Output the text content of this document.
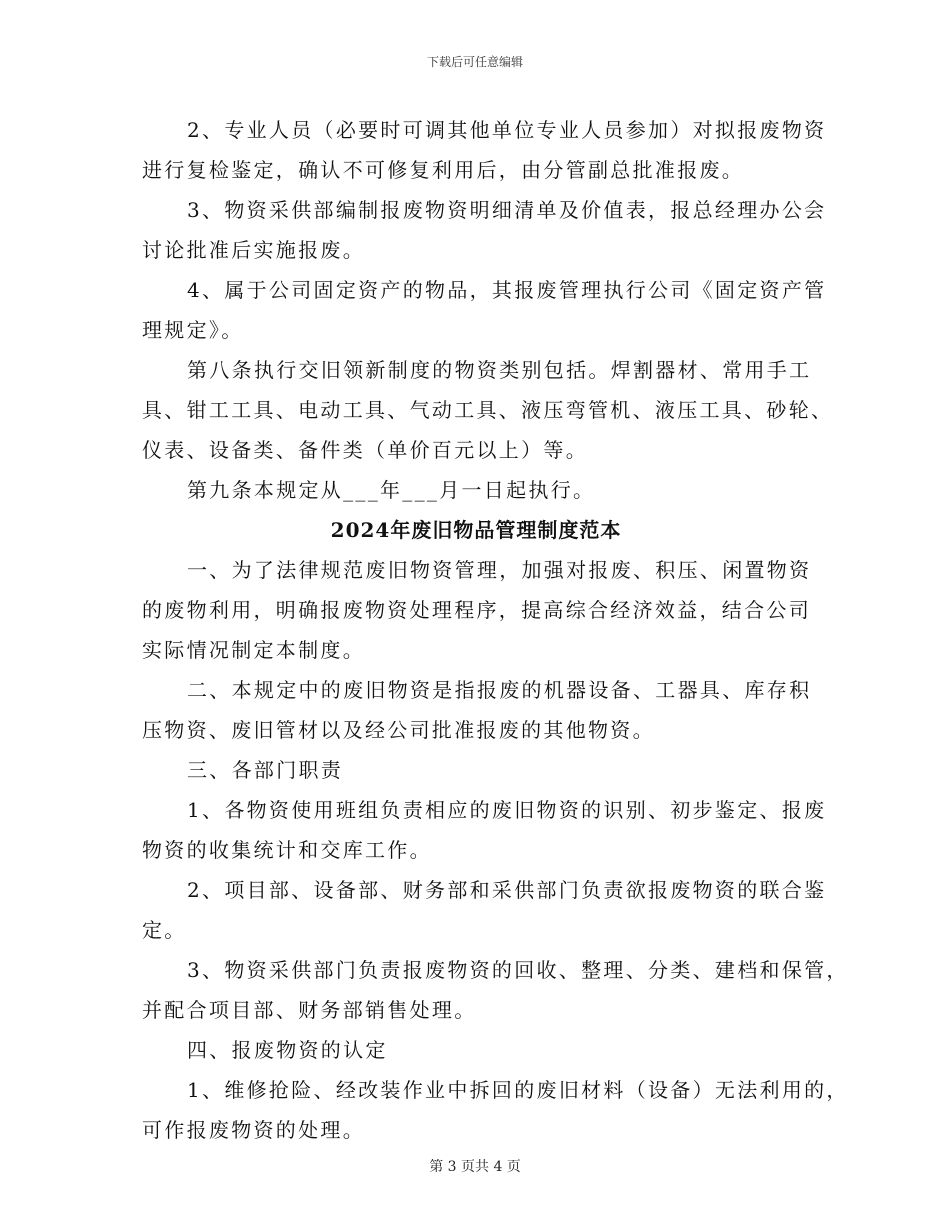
下载后可任意编辑
2、专业人员（必要时可调其他单位专业人员参加）对拟报废物资
进行复检鉴定，确认不可修复利用后，由分管副总批准报废。
3、物资采供部编制报废物资明细清单及价值表，报总经理办公会
讨论批准后实施报废。
4、属于公司固定资产的物品，其报废管理执行公司《固定资产管
理规定》。
第八条执行交旧领新制度的物资类别包括。焊割器材、常用手工
具、钳工工具、电动工具、气动工具、液压弯管机、液压工具、砂轮、
仪表、设备类、备件类（单价百元以上）等。
第九条本规定从___年___月一日起执行。
2024年废旧物品管理制度范本
一、为了法律规范废旧物资管理，加强对报废、积压、闲置物资
的废物利用，明确报废物资处理程序，提高综合经济效益，结合公司
实际情况制定本制度。
二、本规定中的废旧物资是指报废的机器设备、工器具、库存积
压物资、废旧管材以及经公司批准报废的其他物资。
三、各部门职责
1、各物资使用班组负责相应的废旧物资的识别、初步鉴定、报废
物资的收集统计和交库工作。
2、项目部、设备部、财务部和采供部门负责欲报废物资的联合鉴
定。
3、物资采供部门负责报废物资的回收、整理、分类、建档和保管，
并配合项目部、财务部销售处理。
四、报废物资的认定
1、维修抢险、经改装作业中拆回的废旧材料（设备）无法利用的，
可作报废物资的处理。
第 3 页共 4 页
